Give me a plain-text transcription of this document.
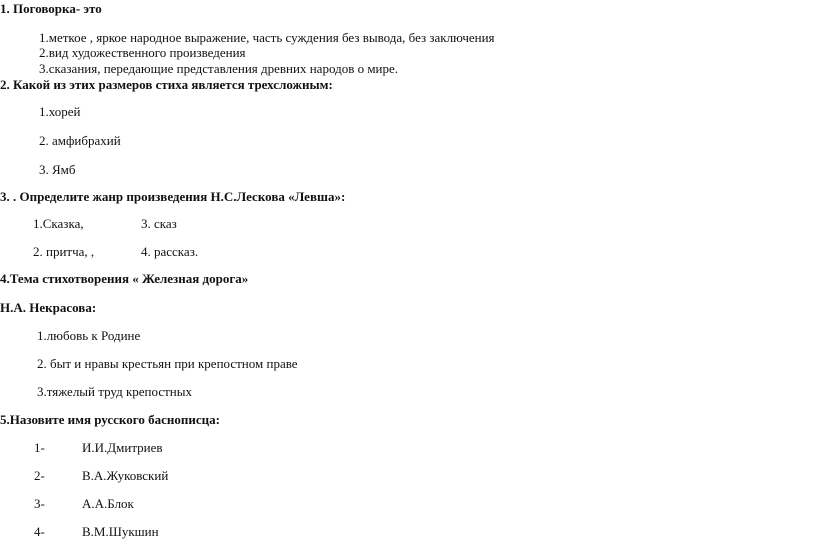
1. Поговорка- это
1.меткое , яркое народное выражение, часть суждения без вывода, без заключения
2.вид художественного произведения
3.сказания, передающие представления древних народов о мире.
2. Какой из этих размеров стиха является трехсложным:
1.хорей
2. амфибрахий
3. Ямб
3. . Определите жанр произведения Н.С.Лескова «Левша»:
1.Сказка,	3. сказ
2. притча, ,	4. рассказ.
4.Тема стихотворения « Железная дорога»
Н.А. Некрасова:
1.любовь к Родине
2. быт и нравы крестьян при крепостном праве
3.тяжелый труд крепостных
5.Назовите имя русского баснописца:
1-	И.И.Дмитриев
2-	В.А.Жуковский
3-	А.А.Блок
4-	В.М.Шукшин
